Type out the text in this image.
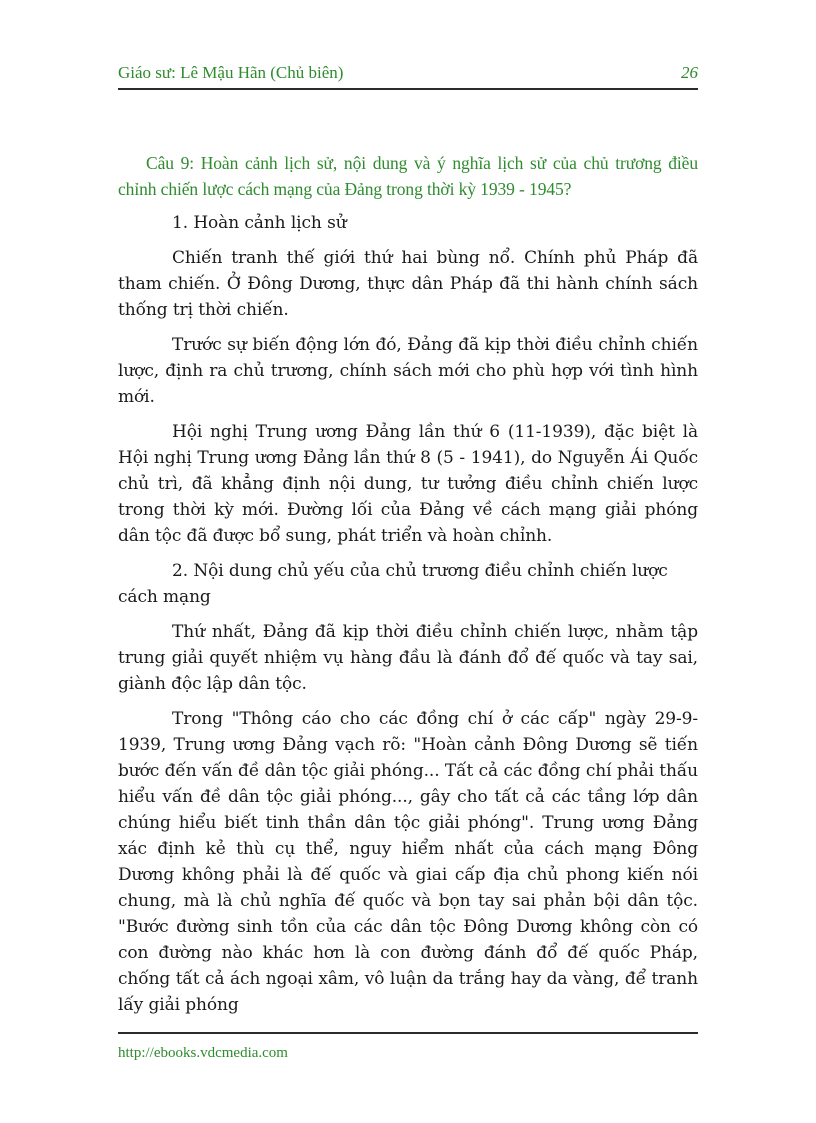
Giáo sư: Lê Mậu Hãn (Chủ biên)	26

Câu 9: Hoàn cảnh lịch sử, nội dung và ý nghĩa lịch sử của chủ trương điều chỉnh chiến lược cách mạng của Đảng trong thời kỳ 1939 - 1945?

1. Hoàn cảnh lịch sử

Chiến tranh thế giới thứ hai bùng nổ. Chính phủ Pháp đã tham chiến. Ở Đông Dương, thực dân Pháp đã thi hành chính sách thống trị thời chiến.

Trước sự biến động lớn đó, Đảng đã kịp thời điều chỉnh chiến lược, định ra chủ trương, chính sách mới cho phù hợp với tình hình mới.

Hội nghị Trung ương Đảng lần thứ 6 (11-1939), đặc biệt là Hội nghị Trung ương Đảng lần thứ 8 (5 - 1941), do Nguyễn Ái Quốc chủ trì, đã khẳng định nội dung, tư tưởng điều chỉnh chiến lược trong thời kỳ mới. Đường lối của Đảng về cách mạng giải phóng dân tộc đã được bổ sung, phát triển và hoàn chỉnh.

2. Nội dung chủ yếu của chủ trương điều chỉnh chiến lược cách mạng

Thứ nhất, Đảng đã kịp thời điều chỉnh chiến lược, nhằm tập trung giải quyết nhiệm vụ hàng đầu là đánh đổ đế quốc và tay sai, giành độc lập dân tộc.

Trong "Thông cáo cho các đồng chí ở các cấp" ngày 29-9-1939, Trung ương Đảng vạch rõ: "Hoàn cảnh Đông Dương sẽ tiến bước đến vấn đề dân tộc giải phóng... Tất cả các đồng chí phải thấu hiểu vấn đề dân tộc giải phóng..., gây cho tất cả các tầng lớp dân chúng hiểu biết tinh thần dân tộc giải phóng". Trung ương Đảng xác định kẻ thù cụ thể, nguy hiểm nhất của cách mạng Đông Dương không phải là đế quốc và giai cấp địa chủ phong kiến nói chung, mà là chủ nghĩa đế quốc và bọn tay sai phản bội dân tộc. "Bước đường sinh tồn của các dân tộc Đông Dương không còn có con đường nào khác hơn là con đường đánh đổ đế quốc Pháp, chống tất cả ách ngoại xâm, vô luận da trắng hay da vàng, để tranh lấy giải phóng

http://ebooks.vdcmedia.com
